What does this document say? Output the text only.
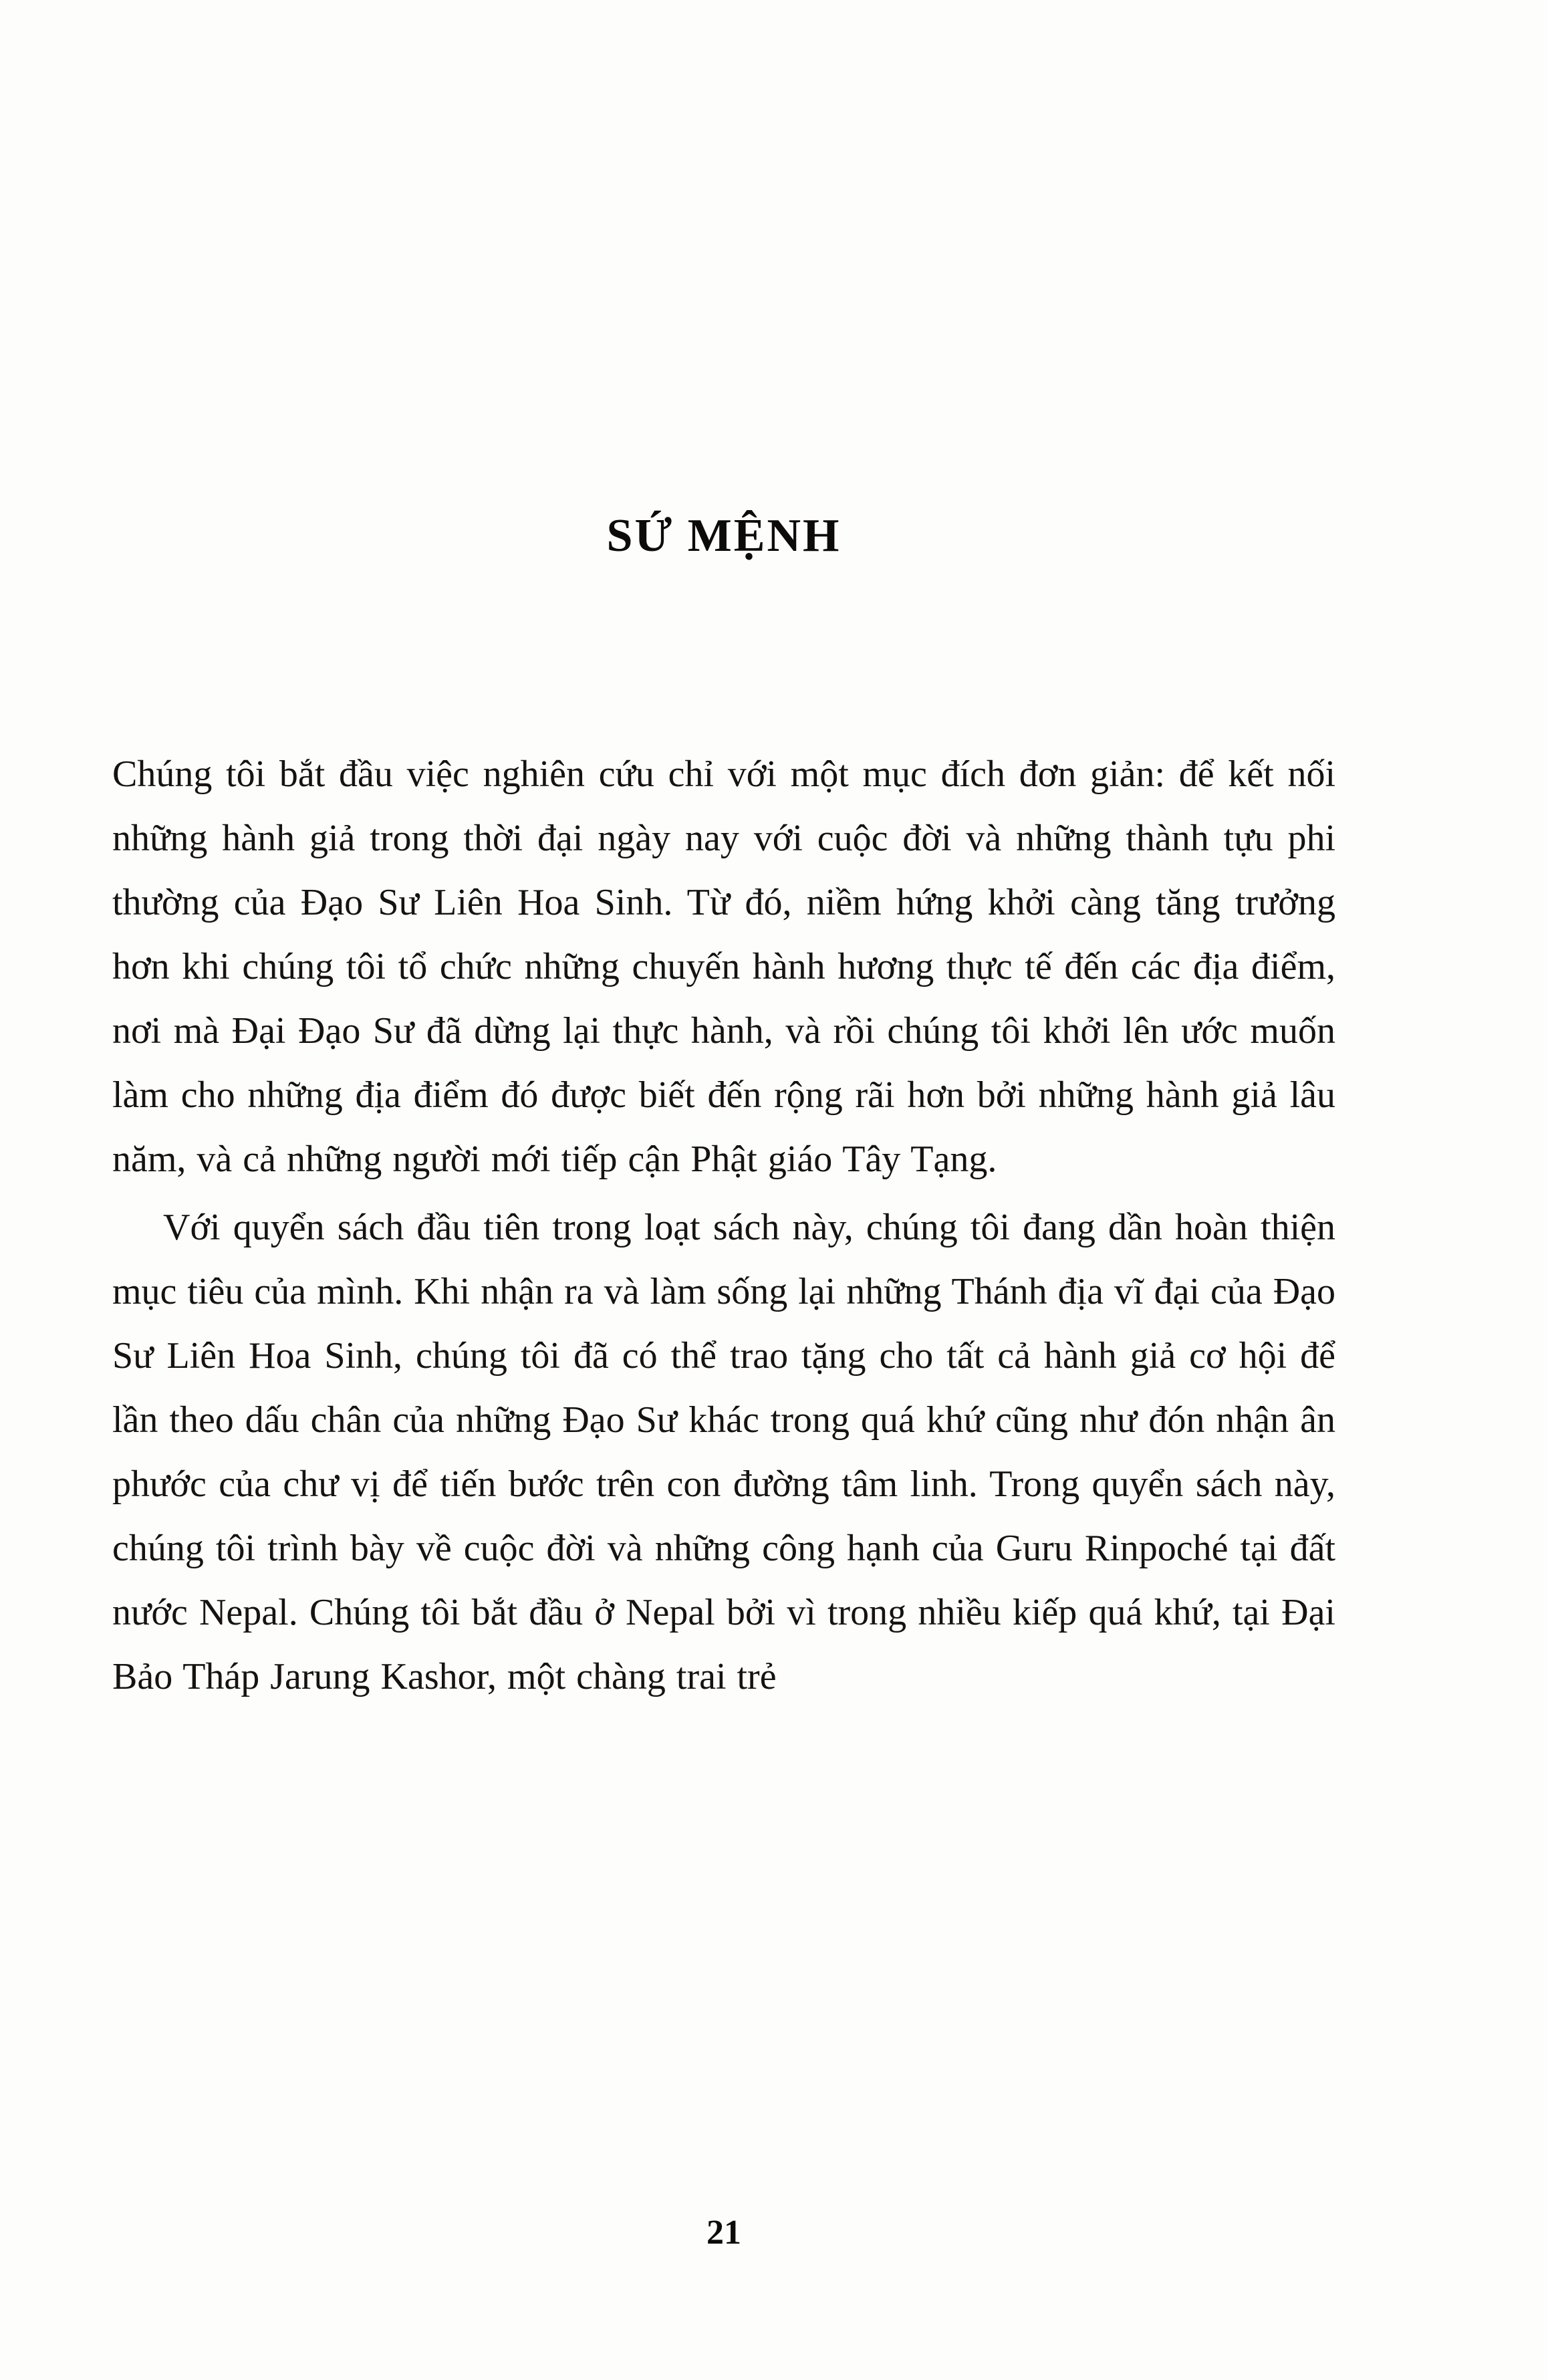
SỨ MỆNH

Chúng tôi bắt đầu việc nghiên cứu chỉ với một mục đích đơn giản: để kết nối những hành giả trong thời đại ngày nay với cuộc đời và những thành tựu phi thường của Đạo Sư Liên Hoa Sinh. Từ đó, niềm hứng khởi càng tăng trưởng hơn khi chúng tôi tổ chức những chuyến hành hương thực tế đến các địa điểm, nơi mà Đại Đạo Sư đã dừng lại thực hành, và rồi chúng tôi khởi lên ước muốn làm cho những địa điểm đó được biết đến rộng rãi hơn bởi những hành giả lâu năm, và cả những người mới tiếp cận Phật giáo Tây Tạng.

Với quyển sách đầu tiên trong loạt sách này, chúng tôi đang dần hoàn thiện mục tiêu của mình. Khi nhận ra và làm sống lại những Thánh địa vĩ đại của Đạo Sư Liên Hoa Sinh, chúng tôi đã có thể trao tặng cho tất cả hành giả cơ hội để lần theo dấu chân của những Đạo Sư khác trong quá khứ cũng như đón nhận ân phước của chư vị để tiến bước trên con đường tâm linh. Trong quyển sách này, chúng tôi trình bày về cuộc đời và những công hạnh của Guru Rinpoché tại đất nước Nepal. Chúng tôi bắt đầu ở Nepal bởi vì trong nhiều kiếp quá khứ, tại Đại Bảo Tháp Jarung Kashor, một chàng trai trẻ

21
